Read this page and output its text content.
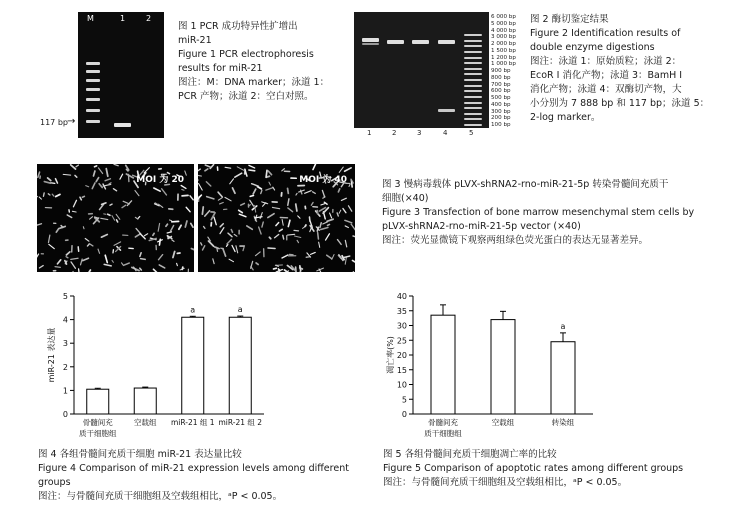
M	1	2
117 bp →
图 1 PCR 成功特异性扩增出
miR-21
Figure 1 PCR electrophoresis
results for miR-21
图注：M：DNA marker；泳道 1：
PCR 产物；泳道 2：空白对照。
1	2	3	4	5
6 000 bp
5 000 bp
4 000 bp
3 000 bp
2 000 bp
1 500 bp
1 200 bp
1 000 bp
900 bp
800 bp
700 bp
600 bp
500 bp
400 bp
300 bp
200 bp
100 bp
图 2 酶切鉴定结果
Figure 2 Identification results of
double enzyme digestions
图注：泳道 1：原始质粒；泳道 2：
EcoR I 消化产物；泳道 3：BamH I
消化产物；泳道 4：双酶切产物，大
小分别为 7 888 bp 和 117 bp；泳道 5：
2-log marker。
MOI 为 20	MOI 为 40	图 3 慢病毒载体 pLVX-shRNA2-rno-miR-21-5p 转染骨髓间充质干
细胞(×40)
Figure 3 Transfection of bone marrow mesenchymal stem cells by
pLVX-shRNA2-rno-miR-21-5p vector (×40)
图注：荧光显微镜下观察两组绿色荧光蛋白的表达无显著差异。
0
1
2
3
4
5
miR-21 表达量
骨髓间充
质干细胞组
空载组
a
miR-21 组 1
a
miR-21 组 2
图 4 各组骨髓间充质干细胞 miR-21 表达量比较
Figure 4 Comparison of miR-21 expression levels among different
groups
图注：与骨髓间充质干细胞组及空载组相比，ᵃP < 0.05。
0
5
10
15
20
25
30
35
40
凋亡率(%)
骨髓间充
质干细胞组
空载组
a
转染组
图 5 各组骨髓间充质干细胞凋亡率的比较
Figure 5 Comparison of apoptotic rates among different groups
图注：与骨髓间充质干细胞组及空载组相比，ᵃP < 0.05。
